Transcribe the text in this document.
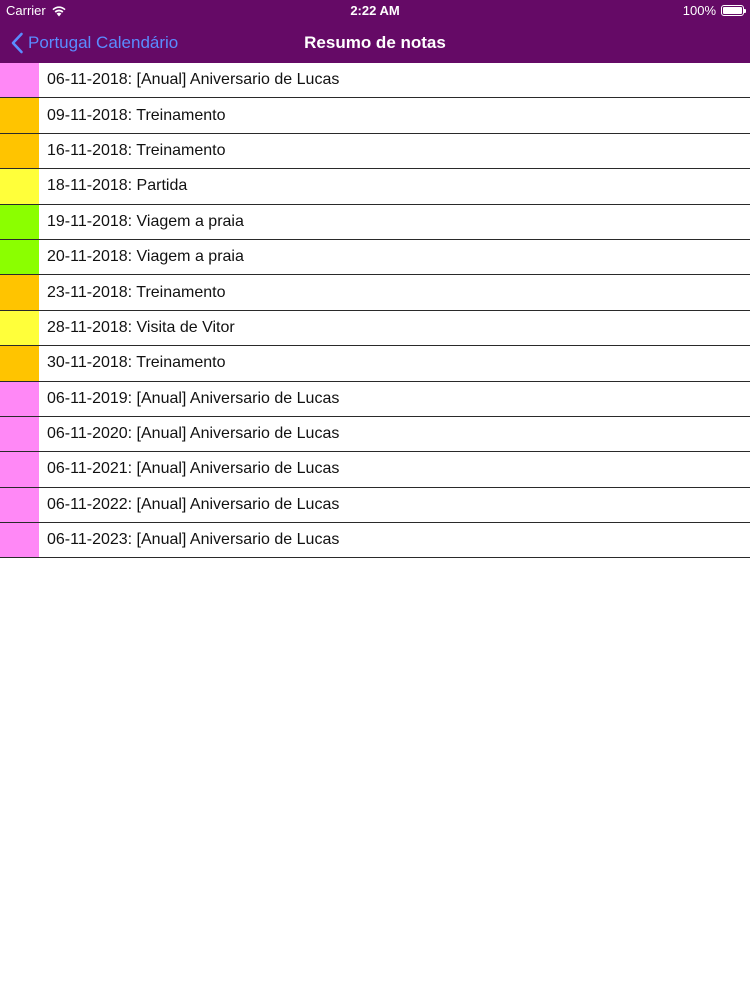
Carrier	2:22 AM	100%
Portugal Calendário	Resumo de notas
06-11-2018: [Anual] Aniversario de Lucas
09-11-2018: Treinamento
16-11-2018: Treinamento
18-11-2018: Partida
19-11-2018: Viagem a praia
20-11-2018: Viagem a praia
23-11-2018: Treinamento
28-11-2018: Visita de Vitor
30-11-2018: Treinamento
06-11-2019: [Anual] Aniversario de Lucas
06-11-2020: [Anual] Aniversario de Lucas
06-11-2021: [Anual] Aniversario de Lucas
06-11-2022: [Anual] Aniversario de Lucas
06-11-2023: [Anual] Aniversario de Lucas
